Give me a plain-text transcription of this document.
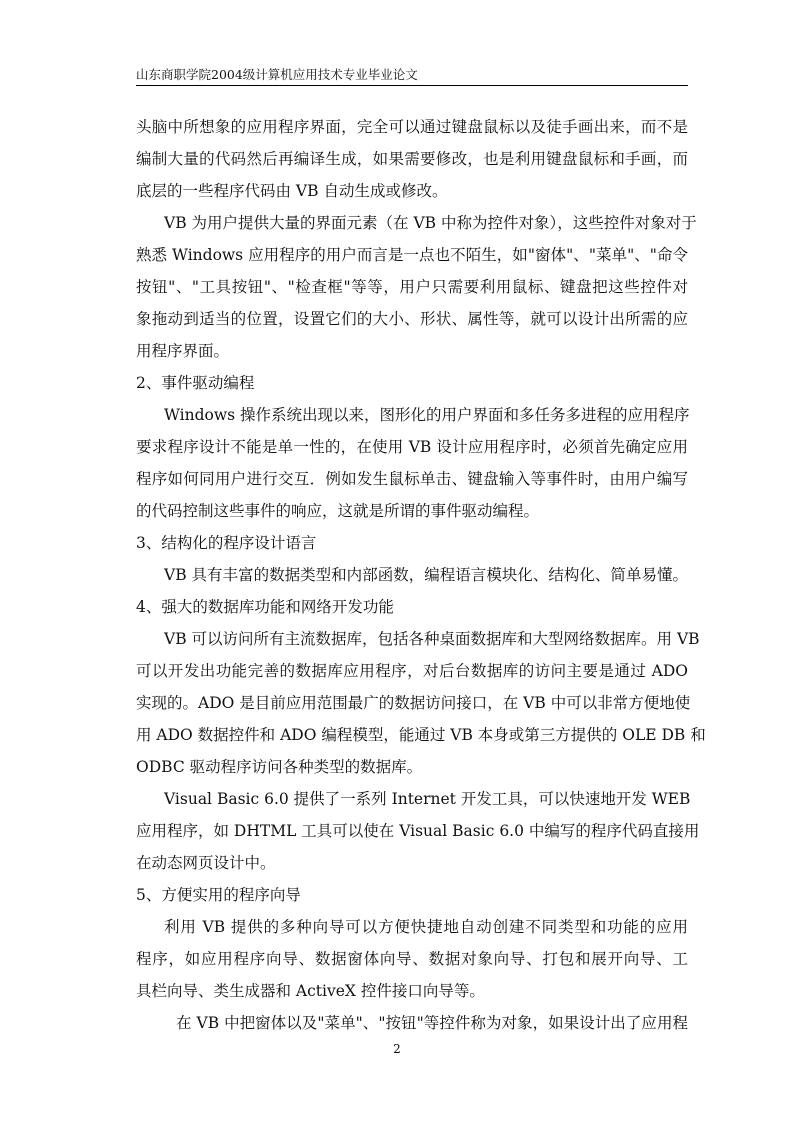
山东商职学院2004级计算机应用技术专业毕业论文
头脑中所想象的应用程序界面，完全可以通过键盘鼠标以及徒手画出来，而不是
编制大量的代码然后再编译生成，如果需要修改，也是利用键盘鼠标和手画，而
底层的一些程序代码由 VB 自动生成或修改。
VB 为用户提供大量的界面元素（在 VB 中称为控件对象），这些控件对象对于
熟悉 Windows 应用程序的用户而言是一点也不陌生，如"窗体"、"菜单"、"命令
按钮"、"工具按钮"、"检查框"等等，用户只需要利用鼠标、键盘把这些控件对
象拖动到适当的位置，设置它们的大小、形状、属性等，就可以设计出所需的应
用程序界面。
2、事件驱动编程
Windows 操作系统出现以来，图形化的用户界面和多任务多进程的应用程序
要求程序设计不能是单一性的，在使用 VB 设计应用程序时，必须首先确定应用
程序如何同用户进行交互．例如发生鼠标单击、键盘输入等事件时，由用户编写
的代码控制这些事件的响应，这就是所谓的事件驱动编程。
3、结构化的程序设计语言
VB 具有丰富的数据类型和内部函数，编程语言模块化、结构化、简单易懂。
4、强大的数据库功能和网络开发功能
VB 可以访问所有主流数据库，包括各种桌面数据库和大型网络数据库。用 VB
可以开发出功能完善的数据库应用程序，对后台数据库的访问主要是通过 ADO
实现的。ADO 是目前应用范围最广的数据访问接口，在 VB 中可以非常方便地使
用 ADO 数据控件和 ADO 编程模型，能通过 VB 本身或第三方提供的 OLE DB 和
ODBC 驱动程序访问各种类型的数据库。
Visual Basic 6.0 提供了一系列 Internet 开发工具，可以快速地开发 WEB
应用程序，如 DHTML 工具可以使在 Visual Basic 6.0 中编写的程序代码直接用
在动态网页设计中。
5、方便实用的程序向导
利用 VB 提供的多种向导可以方便快捷地自动创建不同类型和功能的应用
程序，如应用程序向导、数据窗体向导、数据对象向导、打包和展开向导、工
具栏向导、类生成器和 ActiveX 控件接口向导等。
在 VB 中把窗体以及"菜单"、"按钮"等控件称为对象，如果设计出了应用程
2
